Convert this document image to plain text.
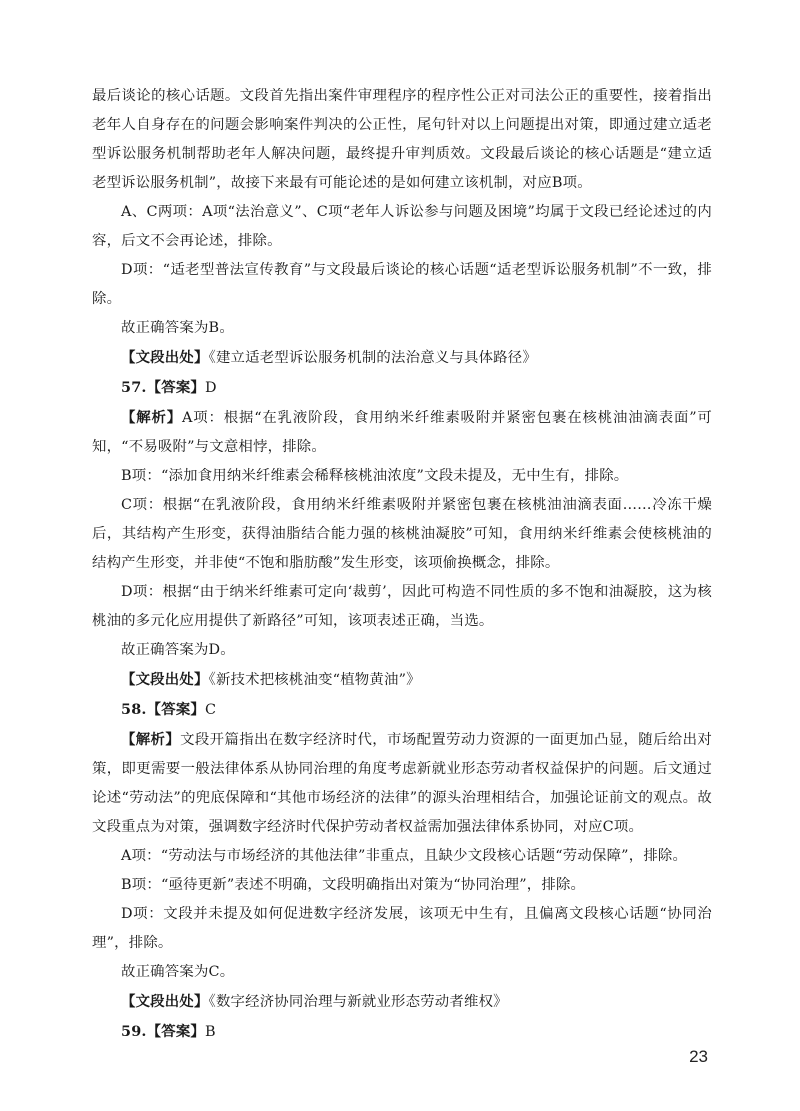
最后谈论的核心话题。文段首先指出案件审理程序的程序性公正对司法公正的重要性，接着指出老年人自身存在的问题会影响案件判决的公正性，尾句针对以上问题提出对策，即通过建立适老型诉讼服务机制帮助老年人解决问题，最终提升审判质效。文段最后谈论的核心话题是“建立适老型诉讼服务机制”，故接下来最有可能论述的是如何建立该机制，对应B项。

A、C两项：A项“法治意义”、C项“老年人诉讼参与问题及困境”均属于文段已经论述过的内容，后文不会再论述，排除。

D项：“适老型普法宣传教育”与文段最后谈论的核心话题“适老型诉讼服务机制”不一致，排除。

故正确答案为B。

【文段出处】《建立适老型诉讼服务机制的法治意义与具体路径》

57.【答案】D

【解析】A项：根据“在乳液阶段，食用纳米纤维素吸附并紧密包裹在核桃油油滴表面”可知，“不易吸附”与文意相悖，排除。

B项：“添加食用纳米纤维素会稀释核桃油浓度”文段未提及，无中生有，排除。

C项：根据“在乳液阶段，食用纳米纤维素吸附并紧密包裹在核桃油油滴表面……冷冻干燥后，其结构产生形变，获得油脂结合能力强的核桃油凝胶”可知，食用纳米纤维素会使核桃油的结构产生形变，并非使“不饱和脂肪酸”发生形变，该项偷换概念，排除。

D项：根据“由于纳米纤维素可定向‘裁剪’，因此可构造不同性质的多不饱和油凝胶，这为核桃油的多元化应用提供了新路径”可知，该项表述正确，当选。

故正确答案为D。

【文段出处】《新技术把核桃油变“植物黄油”》

58.【答案】C

【解析】文段开篇指出在数字经济时代，市场配置劳动力资源的一面更加凸显，随后给出对策，即更需要一般法律体系从协同治理的角度考虑新就业形态劳动者权益保护的问题。后文通过论述“劳动法”的兜底保障和“其他市场经济的法律”的源头治理相结合，加强论证前文的观点。故文段重点为对策，强调数字经济时代保护劳动者权益需加强法律体系协同，对应C项。

A项：“劳动法与市场经济的其他法律”非重点，且缺少文段核心话题“劳动保障”，排除。

B项：“亟待更新”表述不明确，文段明确指出对策为“协同治理”，排除。

D项：文段并未提及如何促进数字经济发展，该项无中生有，且偏离文段核心话题“协同治理”，排除。

故正确答案为C。

【文段出处】《数字经济协同治理与新就业形态劳动者维权》

59.【答案】B

23
